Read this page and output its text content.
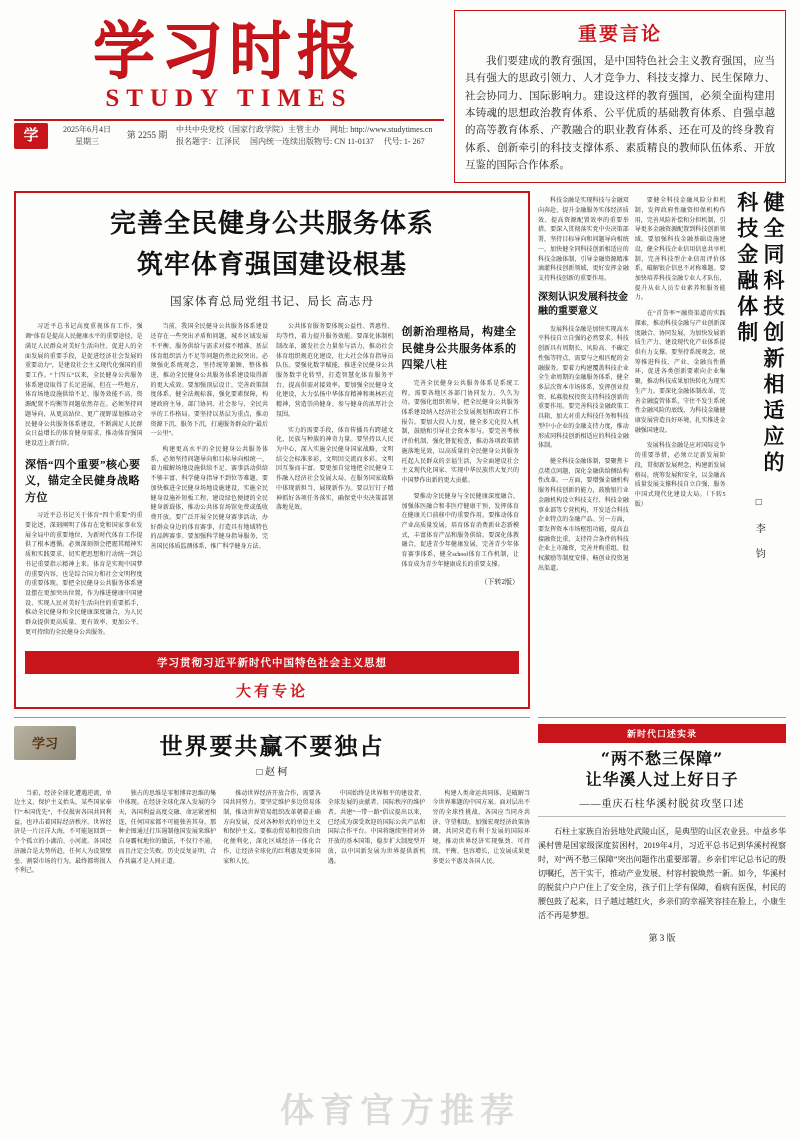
学习时报
STUDY TIMES
学	2025年6月4日
星期三
第 2255 期
中共中央党校（国家行政学院）主管主办 网址: http://www.studytimes.cn
报名题字：江泽民 国内统一连续出版物号: CN 11-0137 代号: 1- 267
重要言论

我们要建成的教育强国，是中国特色社会主义教育强国，应当具有强大的思政引领力、人才竞争力、科技支撑力、民生保障力、社会协同力、国际影响力。建设这样的教育强国，必须全面构建用本铸魂的思想政治教育体系、公平优质的基础教育体系、自强卓越的高等教育体系、产教融合的职业教育体系、还在可及的终身教育体系、创新牵引的科技支撑体系、素质精良的教师队伍体系、开放互鉴的国际合作体系。

完善全民健身公共服务体系
筑牢体育强国建设根基
国家体育总局党组书记、局长 高志丹

习近平总书记高度重视体育工作，强调“体育是提高人民健康水平的重要途径，是满足人民群众对美好生活向往、促进人的全面发展的重要手段，是促进经济社会发展的重要动力”，是建设社会主义现代化强国的重要工作。“十四五”以来，全民健身公共服务体系建设取得了长足进展，但在一些地方，体育场地设施供给不足、服务效能不高、资源配置不均衡等问题依然存在。必须坚持问题导向，从更高站位、更广视野谋划推动全民健身公共服务体系建设，不断满足人民群众日益增长的体育健身需求，推动体育强国建设迈上新台阶。

深悟“四个重要”核心要义，锚定全民健身战略方位

习近平总书记关于体育“四个重要”的重要论述，深刻阐明了体育在党和国家事业发展全局中的重要地位，为新时代体育工作提供了根本遵循。必须深刻领会把握其精神实质和实践要求，切实把思想和行动统一到总书记重要指示精神上来。体育是实现中国梦的重要内容，也是综合国力和社会文明程度的重要体现。要把全民健身公共服务体系建设摆在更加突出位置，作为推进健康中国建设、实现人民对美好生活向往的重要抓手，推动全民健身和全民健康深度融合，为人民群众提供更高质量、更有效率、更加公平、更可持续的全民健身公共服务。

当前，我国全民健身公共服务体系建设还存在一些突出矛盾和问题，城乡区域发展不平衡、服务供给与需求对接不精准、基层体育组织活力不足等问题仍然比较突出。必须强化系统观念，坚持统筹兼顾、整体推进，推动全民健身公共服务体系建设取得新的更大成效。要加强顶层设计，完善政策制度体系，健全法规标准，强化要素保障，构建政府主导、部门协同、社会参与、全民共享的工作格局。要坚持以基层为重点，推动资源下沉、服务下沉，打通服务群众的“最后一公里”。

构建更高水平的全民健身公共服务体系，必须坚持问题导向和目标导向相统一，着力破解场地设施供给不足、赛事活动供给不够丰富、科学健身指导不到位等难题。要加快推进全民健身场地设施建设，实施全民健身设施补短板工程，建设绿色便捷的全民健身新载体，推动公共体育场馆免费或低收费开放。要广泛开展全民健身赛事活动，办好群众身边的体育赛事，打造具有地域特色的品牌赛事。要加强科学健身指导服务，完善国民体质监测体系，推广科学健身方法。

公共体育服务要体现公益性、普惠性、均等性，着力提升服务效能。要深化体制机制改革，激发社会力量参与活力，推动社会体育组织规范化建设，壮大社会体育指导员队伍。要强化数字赋能，推进全民健身公共服务数字化转型，打造智慧化体育服务平台，提高供需对接效率。要加强全民健身文化建设，大力弘扬中华体育精神和奥林匹克精神，营造崇尚健身、参与健身的浓厚社会氛围。

实力的需要手段，体育传播具有跨越文化、民族与种族的神奇力量。要坚持以人民为中心，深入实施全民健身国家战略，文明结交会标准多彩，文明因交流而多彩。文明因互鉴而丰富。要更加自觉地把全民健身工作融入经济社会发展大局，在服务国家战略中体现新担当、展现新作为。要以钉钉子精神抓好各项任务落实，确保党中央决策部署落地见效。

创新治理格局，构建全民健身公共服务体系的四梁八柱

完善全民健身公共服务体系是系统工程，需要各地区各部门协同发力、久久为功。要强化组织领导，把全民健身公共服务体系建设纳入经济社会发展规划和政府工作报告。要加大投入力度，健全多元化投入机制，鼓励和引导社会资本参与。要完善考核评价机制，强化督促检查，推动各项政策措施落地见效，以高质量的全民健身公共服务托起人民群众的幸福生活，为全面建设社会主义现代化国家、实现中华民族伟大复兴的中国梦作出新的更大贡献。

要推动全民健身与全民健康深度融合，加强体医融合和非医疗健康干预，发挥体育在健康关口前移中的重要作用。要推动体育产业高质量发展，培育体育消费新业态新模式，丰富体育产品和服务供给。要深化体教融合，促进青少年健康发展，完善青少年体育赛事体系，健全school体育工作机制，让体育成为青少年健康成长的重要支撑。

（下转2版）
学习贯彻习近平新时代中国特色社会主义思想
大有专论

科技金融是实现科技与金融双向奔赴、提升金融服务实体经济质效、提高资源配置效率的重要举措。要深入贯彻落实党中央决策部署，坚持目标导向和问题导向相统一，加快健全同科技创新相适应的科技金融体制，引导金融资源精准滴灌科技创新领域，更好发挥金融支持科技创新的重要作用。

深刻认识发展科技金融的重要意义

发展科技金融是加快实现高水平科技自立自强的必然要求。科技创新具有周期长、风险高、不确定性强等特点，需要与之相匹配的金融服务。要着力构建覆盖科技企业全生命周期的金融服务体系，健全多层次资本市场体系，发挥创业投资、私募股权投资支持科技创新的重要作用。要完善科技金融政策工具箱，加大对重大科技任务和科技型中小企业的金融支持力度，推动形成同科技创新相适应的科技金融体制。

健全科技金融体制，要聚焦卡点堵点问题，深化金融供给侧结构性改革。一方面，要增强金融机构服务科技创新的能力，鼓励银行业金融机构设立科技支行、科技金融事业部等专营机构，开发适合科技企业特点的金融产品。另一方面，要发挥资本市场枢纽功能，提高直接融资比重，支持符合条件的科技企业上市融资，完善并购重组、股权激励等制度安排，畅创业投资退出渠道。

要健全科技金融风险分担机制，发挥政府性融资担保机构作用，完善风险补偿和分担机制，引导更多金融资源配置到科技创新领域。要加强科技金融基础设施建设，健全科技企业信用信息共享机制，完善科技型企业信用评价体系，破解银企信息不对称难题。要加快培养科技金融专业人才队伍，提升从业人员专业素养和服务能力。

在“首贷率”“融资渠道的实践探索，推动科技金融与产业创新深度融合、协同发展，为加快发展新质生产力、建设现代化产业体系提供有力支撑。要坚持系统观念，统筹推进科技、产业、金融良性循环，促进各类创新要素向企业集聚，推动科技成果加快转化为现实生产力。要深化金融体制改革，完善金融监管体系，守住不发生系统性金融风险的底线，为科技金融健康发展营造良好环境，扎实推进金融强国建设。

发展科技金融是应对国际竞争的重要举措，必须立足新发展阶段，贯彻新发展理念，构建新发展格局，统筹发展和安全，以金融高质量发展支撑科技自立自强，服务中国式现代化建设大局。（下转5版）

健全同科技创新相适应的科技金融体制
□ 李 钧
学习	世界要共赢不要独占
□ 赵 柯

当前，经济全球化遭遇逆流，单边主义、保护主义抬头，某些国家奉行“本国优先”，不仅损害各国共同利益，也冲击着国际经济秩序。世界经济是一片汪洋大海，不可能退回到一个个孤立的小湖泊、小河流。各国经济融合是大势所趋，任何人为设置壁垒、割裂市场的行为，最终都将损人不利己。

独占的思维是零和博弈思维的集中体现。在经济全球化深入发展的今天，各国利益高度交融、命运紧密相连，任何国家都不可能独善其身。那种企图通过打压遏制他国发展来维护自身霸权地位的做法，不仅行不通，而且注定会失败。历史反复证明，合作共赢才是人间正道。

推动世界经济开放合作，需要各国共同努力。要坚定维护多边贸易体制，推动世界贸易组织改革朝着正确方向发展，反对各种形式的单边主义和保护主义。要推动贸易和投资自由化便利化，深化区域经济一体化合作，让经济全球化的红利惠及更多国家和人民。

中国始终是世界和平的建设者、全球发展的贡献者、国际秩序的维护者。共建“一带一路”倡议提出以来，已经成为深受欢迎的国际公共产品和国际合作平台。中国将继续坚持对外开放的基本国策，稳步扩大制度型开放，以中国新发展为世界提供新机遇。

构建人类命运共同体，是破解当今世界难题的中国方案。面对层出不穷的全球性挑战，各国应当同舟共济、守望相助，加强宏观经济政策协调，共同营造有利于发展的国际环境，推动世界经济实现强劲、可持续、平衡、包容增长，让发展成果更多更公平惠及各国人民。

新时代口述实录
“两不愁三保障”
让华溪人过上好日子
——重庆石柱华溪村脱贫攻坚口述

石柱土家族自治县地处武陵山区，是典型的山区农业县。中益乡华溪村曾是国家级深度贫困村，2019年4月，习近平总书记到华溪村视察时，对“两不愁三保障”突出问题作出重要部署。乡亲们牢记总书记的殷切嘱托，苦干实干，推动产业发展、村容村貌焕然一新。如今，华溪村的脱贫户户户住上了安全房，孩子们上学有保障，看病有医保，村民的腰包鼓了起来，日子越过越红火，乡亲们的幸福笑容挂在脸上，小康生活不再是梦想。

第 3 版
体育官方推荐
